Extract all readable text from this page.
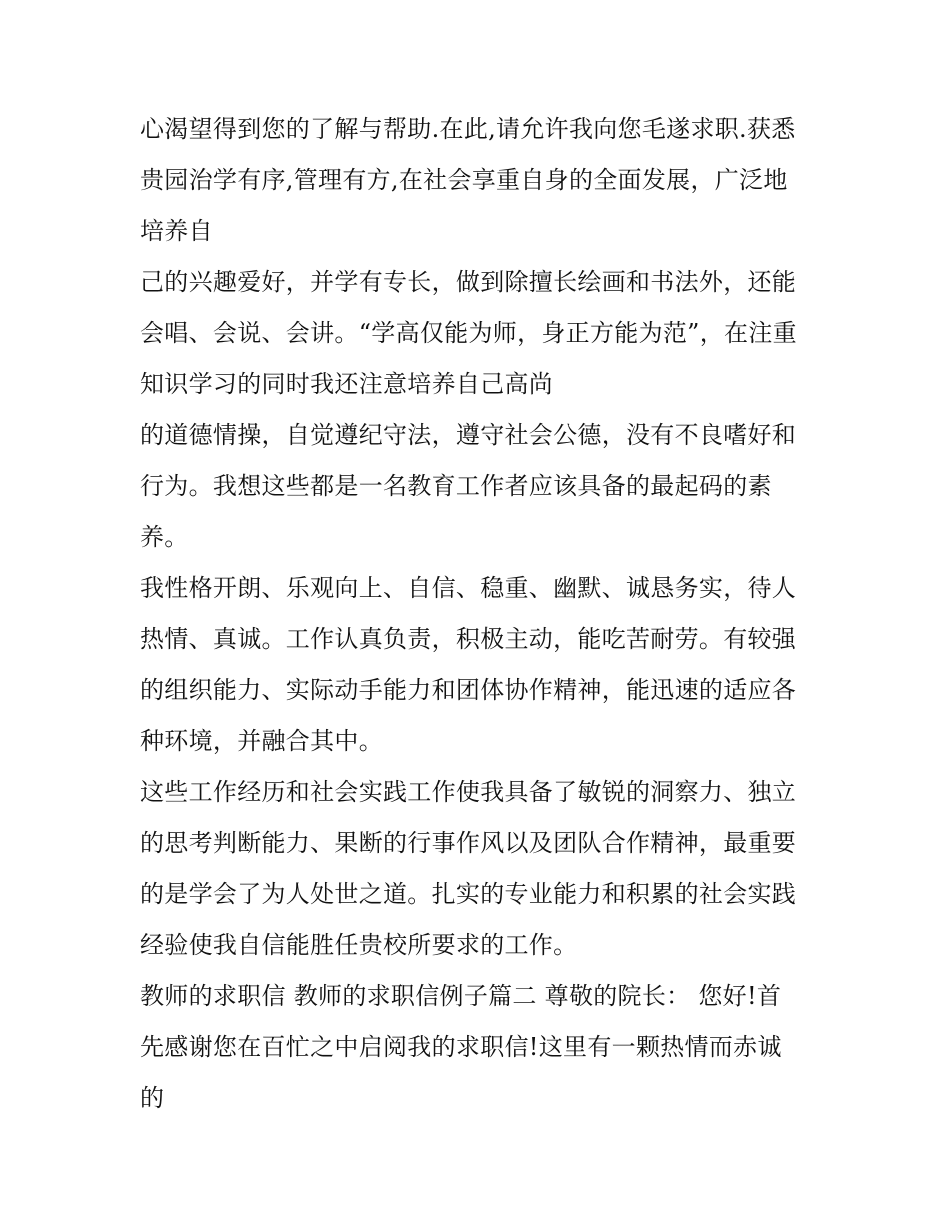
心渴望得到您的了解与帮助.在此,请允许我向您毛遂求职.获悉
贵园治学有序,管理有方,在社会享重自身的全面发展，广泛地
培养自
己的兴趣爱好，并学有专长，做到除擅长绘画和书法外，还能
会唱、会说、会讲。“学高仅能为师，身正方能为范”，在注重
知识学习的同时我还注意培养自己高尚
的道德情操，自觉遵纪守法，遵守社会公德，没有不良嗜好和
行为。我想这些都是一名教育工作者应该具备的最起码的素
养。
我性格开朗、乐观向上、自信、稳重、幽默、诚恳务实，待人
热情、真诚。工作认真负责，积极主动，能吃苦耐劳。有较强
的组织能力、实际动手能力和团体协作精神，能迅速的适应各
种环境，并融合其中。
这些工作经历和社会实践工作使我具备了敏锐的洞察力、独立
的思考判断能力、果断的行事作风以及团队合作精神，最重要
的是学会了为人处世之道。扎实的专业能力和积累的社会实践
经验使我自信能胜任贵校所要求的工作。
教师的求职信 教师的求职信例子篇二 尊敬的院长： 您好!首
先感谢您在百忙之中启阅我的求职信!这里有一颗热情而赤诚
的
